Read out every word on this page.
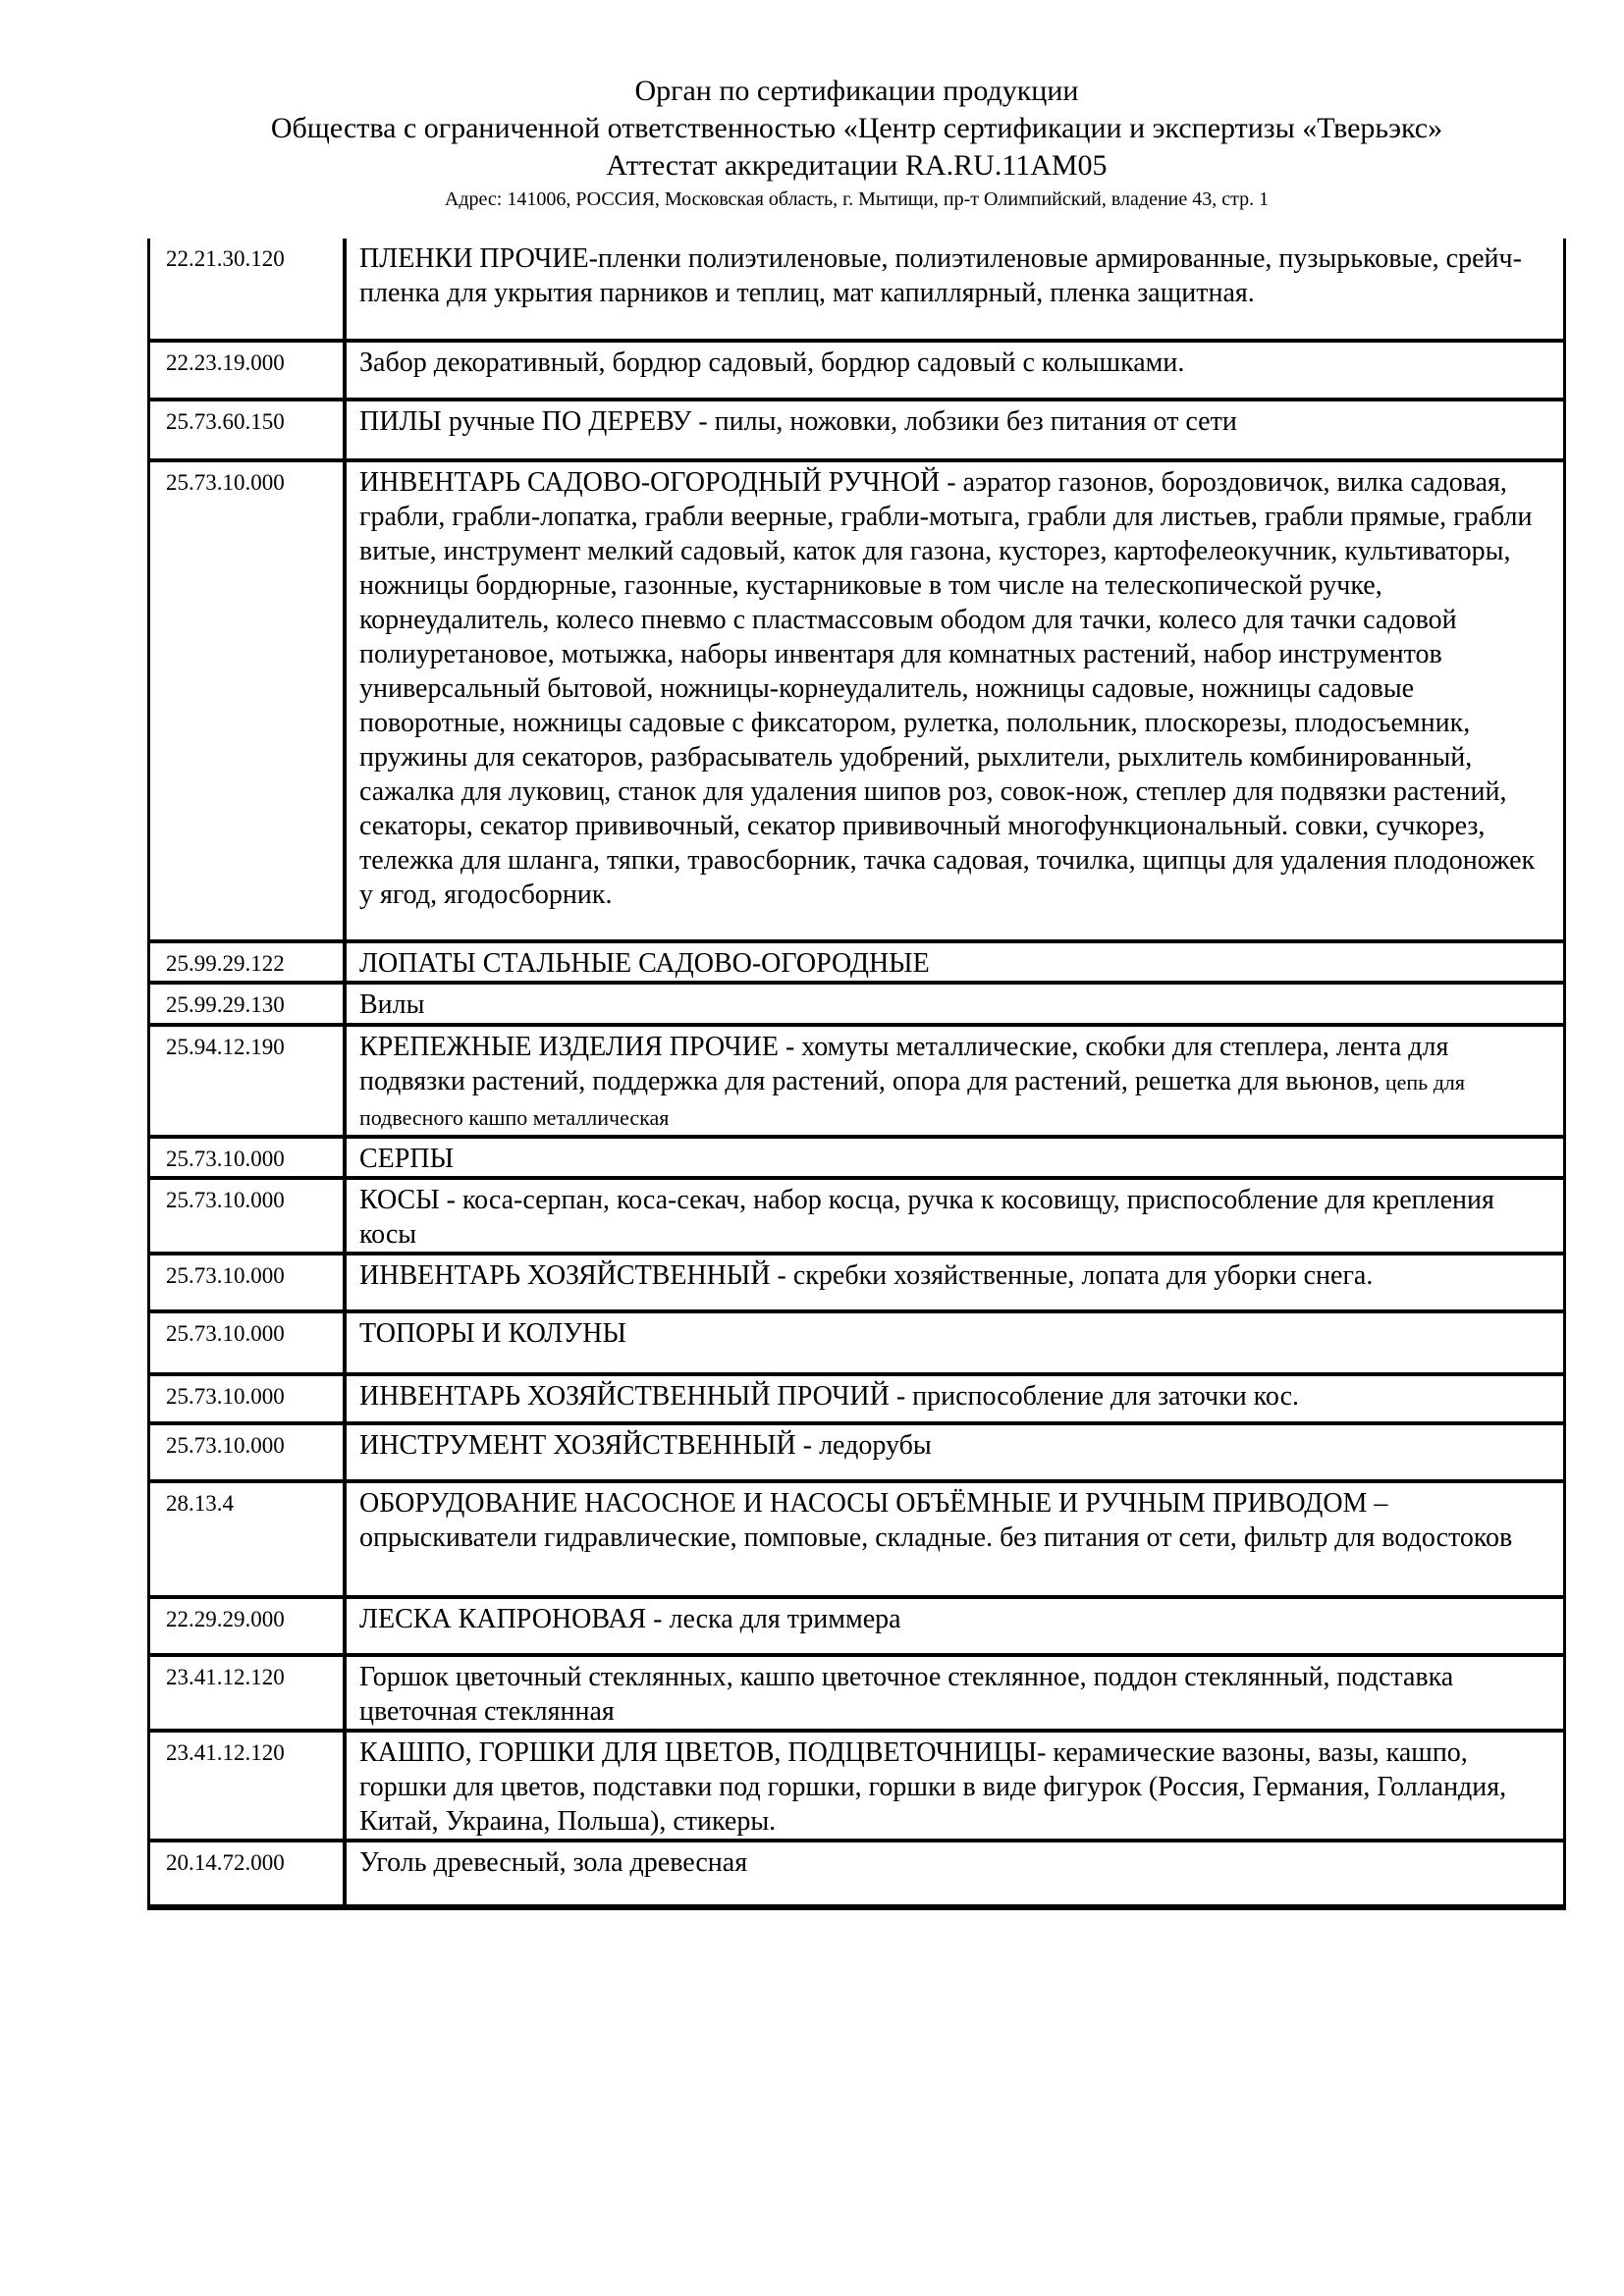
Орган по сертификации продукции
Общества с ограниченной ответственностью «Центр сертификации и экспертизы «Тверьэкс»
Аттестат аккредитации RA.RU.11АМ05
Адрес: 141006, РОССИЯ, Московская область, г. Мытищи, пр-т Олимпийский, владение 43, стр. 1
22.21.30.120	ПЛЕНКИ ПРОЧИЕ-пленки полиэтиленовые, полиэтиленовые армированные, пузырьковые, срейч-пленка для укрытия парников и теплиц, мат капиллярный, пленка защитная.
22.23.19.000	Забор декоративный, бордюр садовый, бордюр садовый с колышками.
25.73.60.150	ПИЛЫ ручные ПО ДЕРЕВУ - пилы, ножовки, лобзики без питания от сети
25.73.10.000	ИНВЕНТАРЬ САДОВО-ОГОРОДНЫЙ РУЧНОЙ - аэратор газонов, бороздовичок, вилка садовая, грабли, грабли-лопатка, грабли веерные, грабли-мотыга, грабли для листьев, грабли прямые, грабли витые, инструмент мелкий садовый, каток для газона, кусторез, картофелеокучник, культиваторы, ножницы бордюрные, газонные, кустарниковые в том числе на телескопической ручке, корнеудалитель, колесо пневмо с пластмассовым ободом для тачки, колесо для тачки садовой полиуретановое, мотыжка, наборы инвентаря для комнатных растений, набор инструментов универсальный бытовой, ножницы-корнеудалитель, ножницы садовые, ножницы садовые поворотные, ножницы садовые с фиксатором, рулетка, полольник, плоскорезы, плодосъемник, пружины для секаторов, разбрасыватель удобрений, рыхлители, рыхлитель комбинированный, сажалка для луковиц, станок для удаления шипов роз, совок-нож, степлер для подвязки растений, секаторы, секатор прививочный, секатор прививочный многофункциональный. совки, сучкорез, тележка для шланга, тяпки, травосборник, тачка садовая, точилка, щипцы для удаления плодоножек у ягод, ягодосборник.
25.99.29.122	ЛОПАТЫ СТАЛЬНЫЕ САДОВО-ОГОРОДНЫЕ
25.99.29.130	Вилы
25.94.12.190	КРЕПЕЖНЫЕ ИЗДЕЛИЯ ПРОЧИЕ - хомуты металлические, скобки для степлера, лента для подвязки растений, поддержка для растений, опора для растений, решетка для вьюнов, цепь для подвесного кашпо металлическая
25.73.10.000	СЕРПЫ
25.73.10.000	КОСЫ - коса-серпан, коса-секач, набор косца, ручка к косовищу, приспособление для крепления косы
25.73.10.000	ИНВЕНТАРЬ ХОЗЯЙСТВЕННЫЙ - скребки хозяйственные, лопата для уборки снега.
25.73.10.000	ТОПОРЫ И КОЛУНЫ
25.73.10.000	ИНВЕНТАРЬ ХОЗЯЙСТВЕННЫЙ ПРОЧИЙ - приспособление для заточки кос.
25.73.10.000	ИНСТРУМЕНТ ХОЗЯЙСТВЕННЫЙ - ледорубы
28.13.4	ОБОРУДОВАНИЕ НАСОСНОЕ И НАСОСЫ ОБЪЁМНЫЕ И РУЧНЫМ ПРИВОДОМ – опрыскиватели гидравлические, помповые, складные. без питания от сети, фильтр для водостоков
22.29.29.000	ЛЕСКА КАПРОНОВАЯ - леска для триммера
23.41.12.120	Горшок цветочный стеклянных, кашпо цветочное стеклянное, поддон стеклянный, подставка цветочная стеклянная
23.41.12.120	КАШПО, ГОРШКИ ДЛЯ ЦВЕТОВ, ПОДЦВЕТОЧНИЦЫ- керамические вазоны, вазы, кашпо, горшки для цветов, подставки под горшки, горшки в виде фигурок (Россия, Германия, Голландия, Китай, Украина, Польша), стикеры.
20.14.72.000	Уголь древесный, зола древесная
